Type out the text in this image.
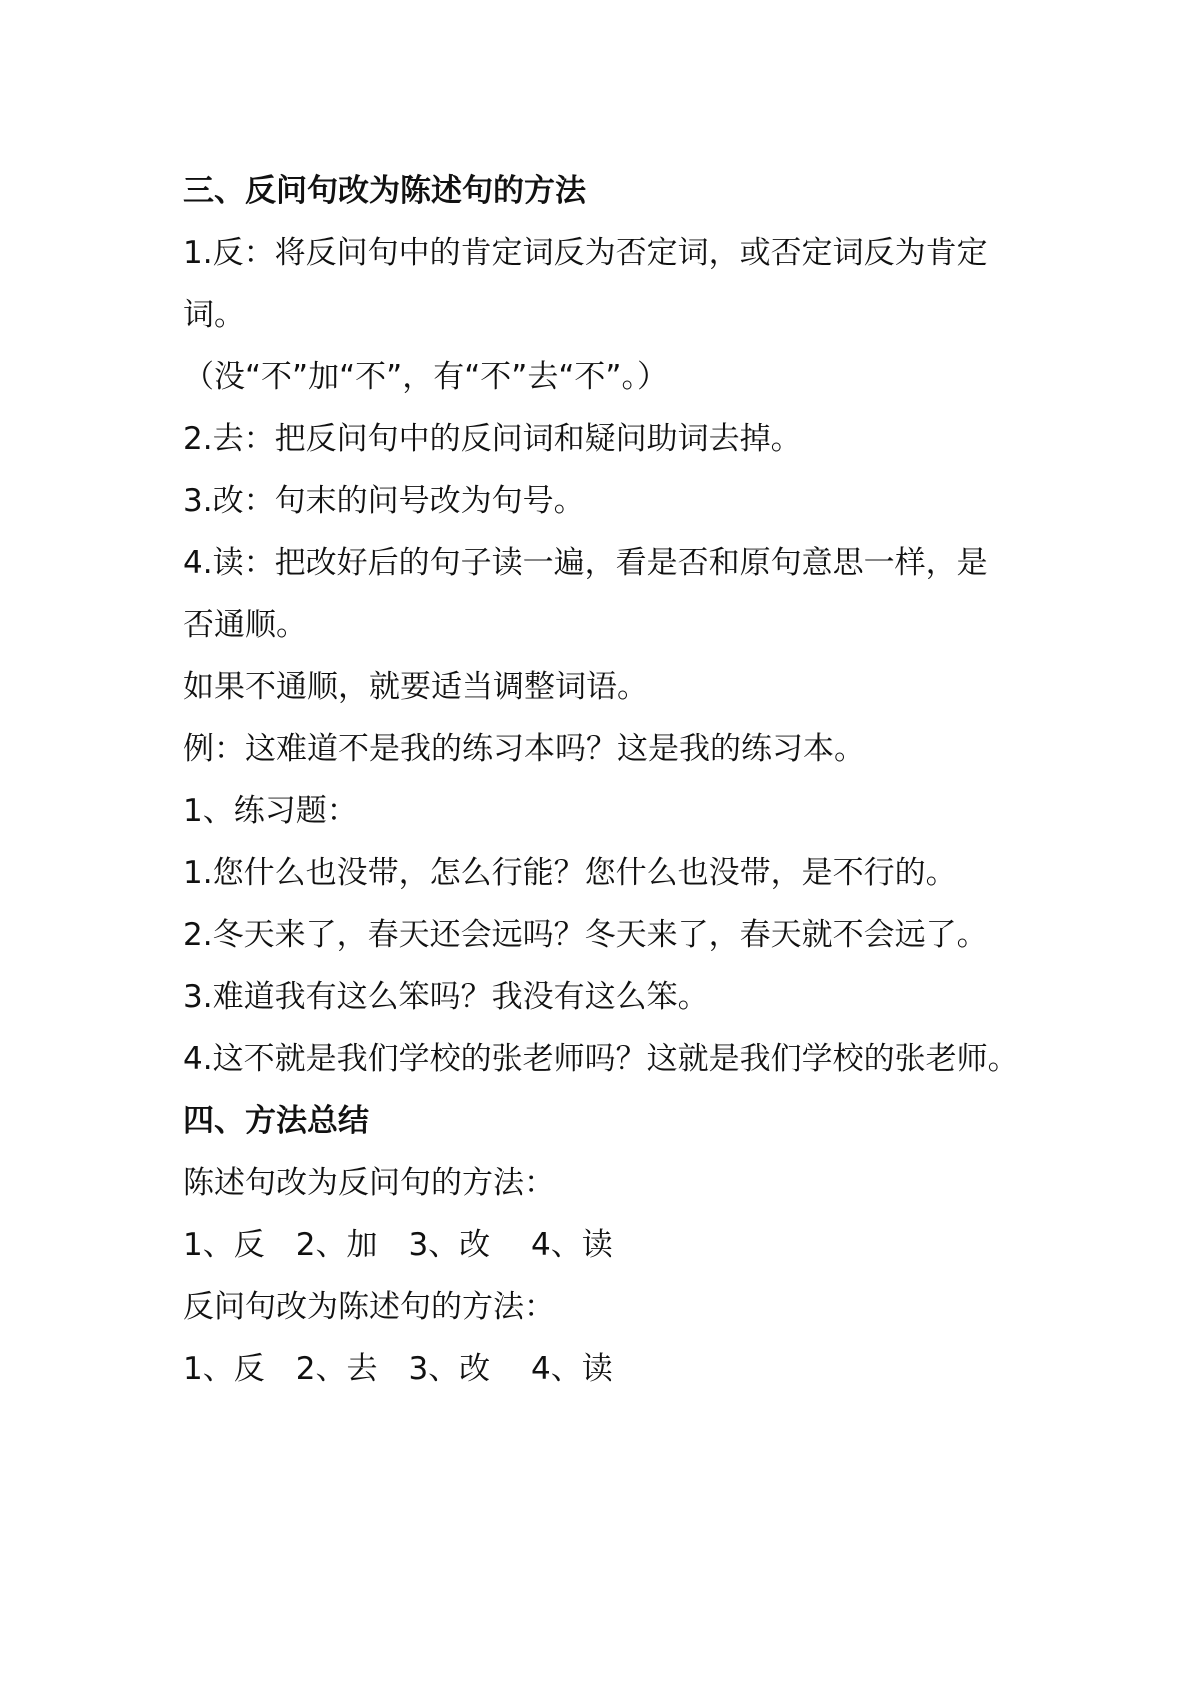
三、反问句改为陈述句的方法
1.反：将反问句中的肯定词反为否定词，或否定词反为肯定
词。
（没“不”加“不”，有“不”去“不”。）
2.去：把反问句中的反问词和疑问助词去掉。
3.改：句末的问号改为句号。
4.读：把改好后的句子读一遍，看是否和原句意思一样，是
否通顺。
如果不通顺，就要适当调整词语。
例：这难道不是我的练习本吗？这是我的练习本。
1、练习题：
1.您什么也没带，怎么行能？您什么也没带，是不行的。
2.冬天来了，春天还会远吗？冬天来了，春天就不会远了。
3.难道我有这么笨吗？我没有这么笨。
4.这不就是我们学校的张老师吗？这就是我们学校的张老师。
四、方法总结
陈述句改为反问句的方法：
1、反　2、加　3、改　 4、读
反问句改为陈述句的方法：
1、反　2、去　3、改　 4、读
